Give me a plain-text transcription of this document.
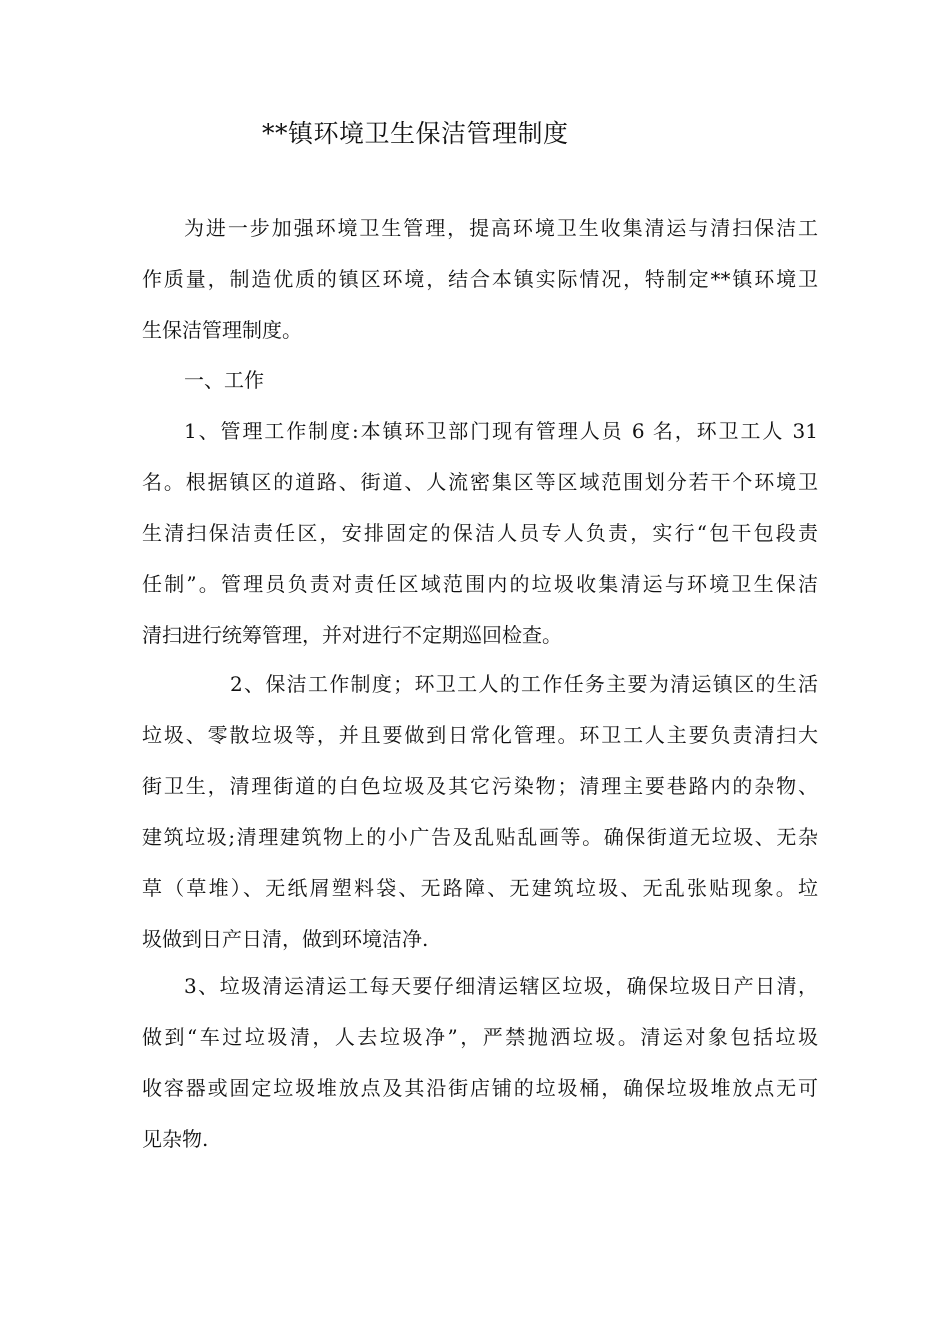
**镇环境卫生保洁管理制度
为进一步加强环境卫生管理，提高环境卫生收集清运与清扫保洁工
作质量，制造优质的镇区环境，结合本镇实际情况，特制定**镇环境卫
生保洁管理制度。
一、工作
1、管理工作制度:本镇环卫部门现有管理人员 6 名，环卫工人 31
名。根据镇区的道路、街道、人流密集区等区域范围划分若干个环境卫
生清扫保洁责任区，安排固定的保洁人员专人负责，实行“包干包段责
任制”。管理员负责对责任区域范围内的垃圾收集清运与环境卫生保洁
清扫进行统筹管理，并对进行不定期巡回检查。
2、保洁工作制度；环卫工人的工作任务主要为清运镇区的生活
垃圾、零散垃圾等，并且要做到日常化管理。环卫工人主要负责清扫大
街卫生，清理街道的白色垃圾及其它污染物；清理主要巷路内的杂物、
建筑垃圾;清理建筑物上的小广告及乱贴乱画等。确保街道无垃圾、无杂
草（草堆）、无纸屑塑料袋、无路障、无建筑垃圾、无乱张贴现象。垃
圾做到日产日清，做到环境洁净.
3、垃圾清运清运工每天要仔细清运辖区垃圾，确保垃圾日产日清，
做到“车过垃圾清，人去垃圾净”，严禁抛洒垃圾。清运对象包括垃圾
收容器或固定垃圾堆放点及其沿街店铺的垃圾桶，确保垃圾堆放点无可
见杂物.
